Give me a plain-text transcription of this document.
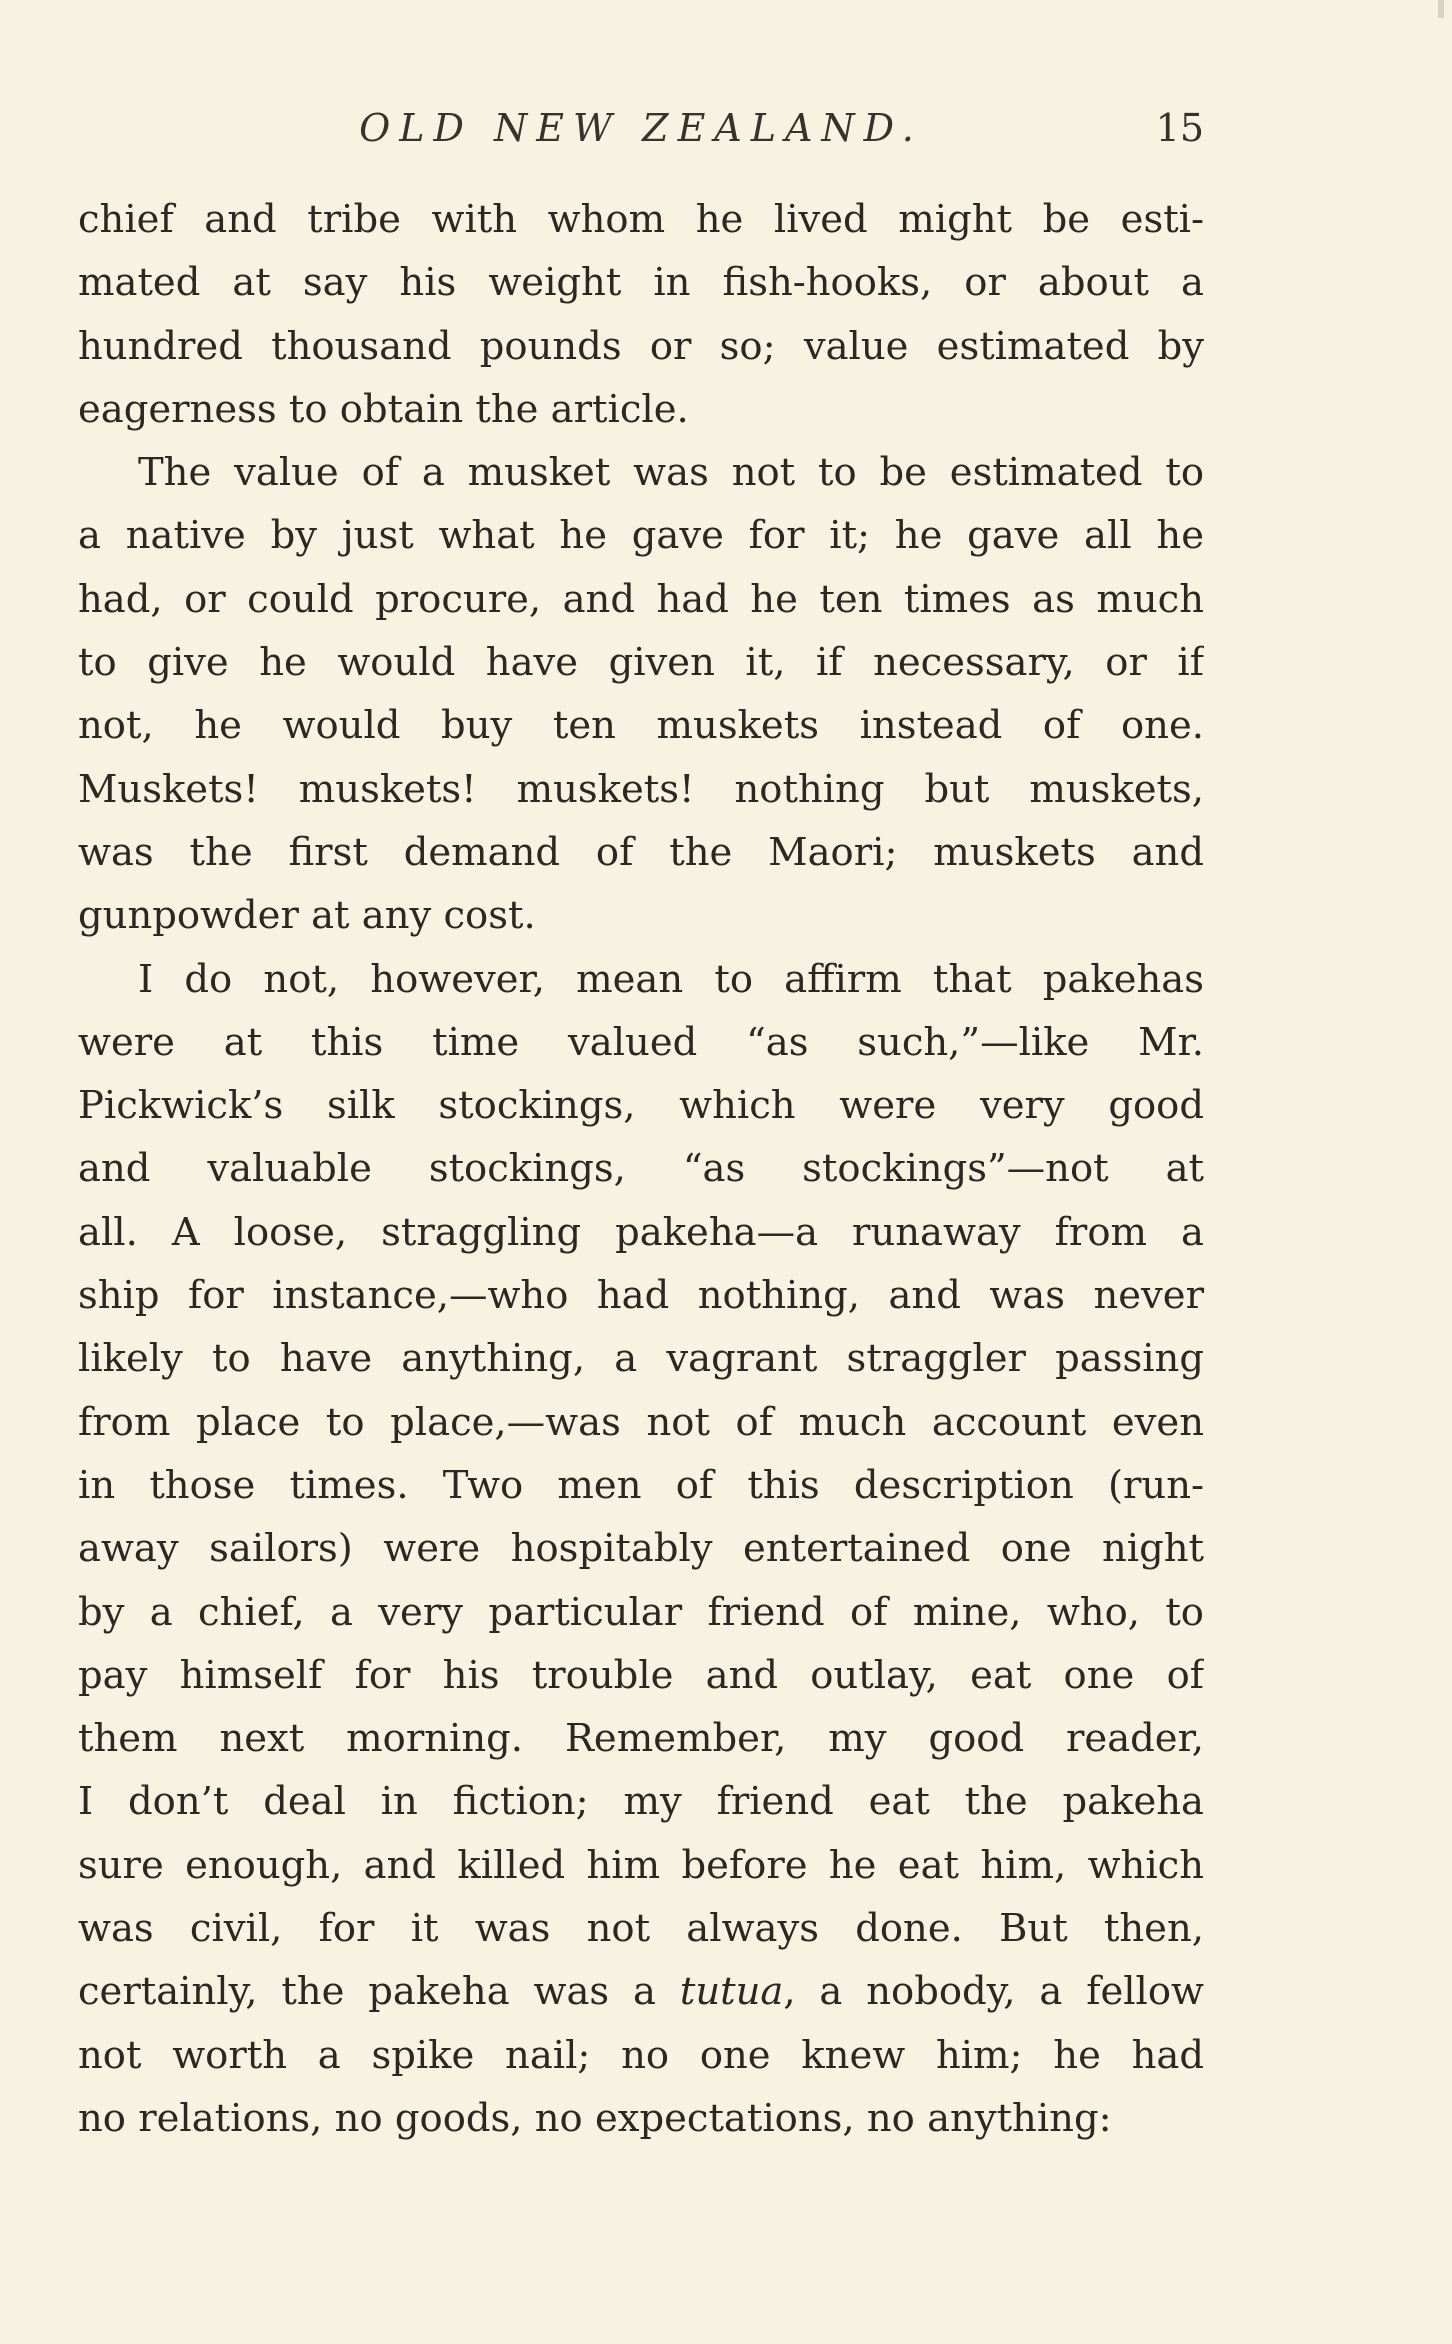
OLD NEW ZEALAND.	15
chief and tribe with whom he lived might be esti-
mated at say his weight in fish-hooks, or about a
hundred thousand pounds or so; value estimated by
eagerness to obtain the article.
The value of a musket was not to be estimated to
a native by just what he gave for it; he gave all he
had, or could procure, and had he ten times as much
to give he would have given it, if necessary, or if
not, he would buy ten muskets instead of one.
Muskets! muskets! muskets! nothing but muskets,
was the first demand of the Maori; muskets and
gunpowder at any cost.
I do not, however, mean to affirm that pakehas
were at this time valued “as such,”—like Mr.
Pickwick’s silk stockings, which were very good
and valuable stockings, “as stockings”—not at
all. A loose, straggling pakeha—a runaway from a
ship for instance,—who had nothing, and was never
likely to have anything, a vagrant straggler passing
from place to place,—was not of much account even
in those times. Two men of this description (run-
away sailors) were hospitably entertained one night
by a chief, a very particular friend of mine, who, to
pay himself for his trouble and outlay, eat one of
them next morning. Remember, my good reader,
I don’t deal in fiction; my friend eat the pakeha
sure enough, and killed him before he eat him, which
was civil, for it was not always done. But then,
certainly, the pakeha was a tutua, a nobody, a fellow
not worth a spike nail; no one knew him; he had
no relations, no goods, no expectations, no anything:
